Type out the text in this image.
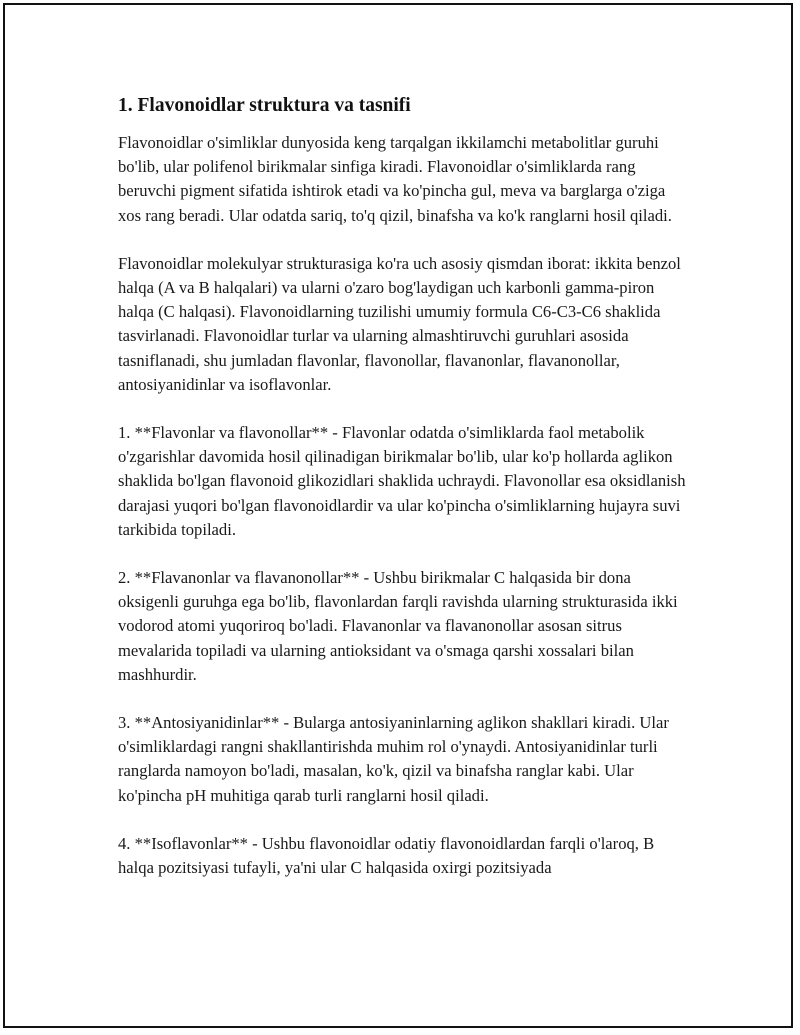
1. Flavonoidlar struktura va tasnifi

Flavonoidlar o'simliklar dunyosida keng tarqalgan ikkilamchi metabolitlar guruhi bo'lib, ular polifenol birikmalar sinfiga kiradi. Flavonoidlar o'simliklarda rang beruvchi pigment sifatida ishtirok etadi va ko'pincha gul, meva va barglarga o'ziga xos rang beradi. Ular odatda sariq, to'q qizil, binafsha va ko'k ranglarni hosil qiladi.

Flavonoidlar molekulyar strukturasiga ko'ra uch asosiy qismdan iborat: ikkita benzol halqa (A va B halqalari) va ularni o'zaro bog'laydigan uch karbonli gamma-piron halqa (C halqasi). Flavonoidlarning tuzilishi umumiy formula C6-C3-C6 shaklida tasvirlanadi. Flavonoidlar turlar va ularning almashtiruvchi guruhlari asosida tasniflanadi, shu jumladan flavonlar, flavonollar, flavanonlar, flavanonollar, antosiyanidinlar va isoflavonlar.

1. **Flavonlar va flavonollar** - Flavonlar odatda o'simliklarda faol metabolik o'zgarishlar davomida hosil qilinadigan birikmalar bo'lib, ular ko'p hollarda aglikon shaklida bo'lgan flavonoid glikozidlari shaklida uchraydi. Flavonollar esa oksidlanish darajasi yuqori bo'lgan flavonoidlardir va ular ko'pincha o'simliklarning hujayra suvi tarkibida topiladi.

2. **Flavanonlar va flavanonollar** - Ushbu birikmalar C halqasida bir dona oksigenli guruhga ega bo'lib, flavonlardan farqli ravishda ularning strukturasida ikki vodorod atomi yuqoriroq bo'ladi. Flavanonlar va flavanonollar asosan sitrus mevalarida topiladi va ularning antioksidant va o'smaga qarshi xossalari bilan mashhurdir.

3. **Antosiyanidinlar** - Bularga antosiyaninlarning aglikon shakllari kiradi. Ular o'simliklardagi rangni shakllantirishda muhim rol o'ynaydi. Antosiyanidinlar turli ranglarda namoyon bo'ladi, masalan, ko'k, qizil va binafsha ranglar kabi. Ular ko'pincha pH muhitiga qarab turli ranglarni hosil qiladi.

4. **Isoflavonlar** - Ushbu flavonoidlar odatiy flavonoidlardan farqli o'laroq, B halqa pozitsiyasi tufayli, ya'ni ular C halqasida oxirgi pozitsiyada
